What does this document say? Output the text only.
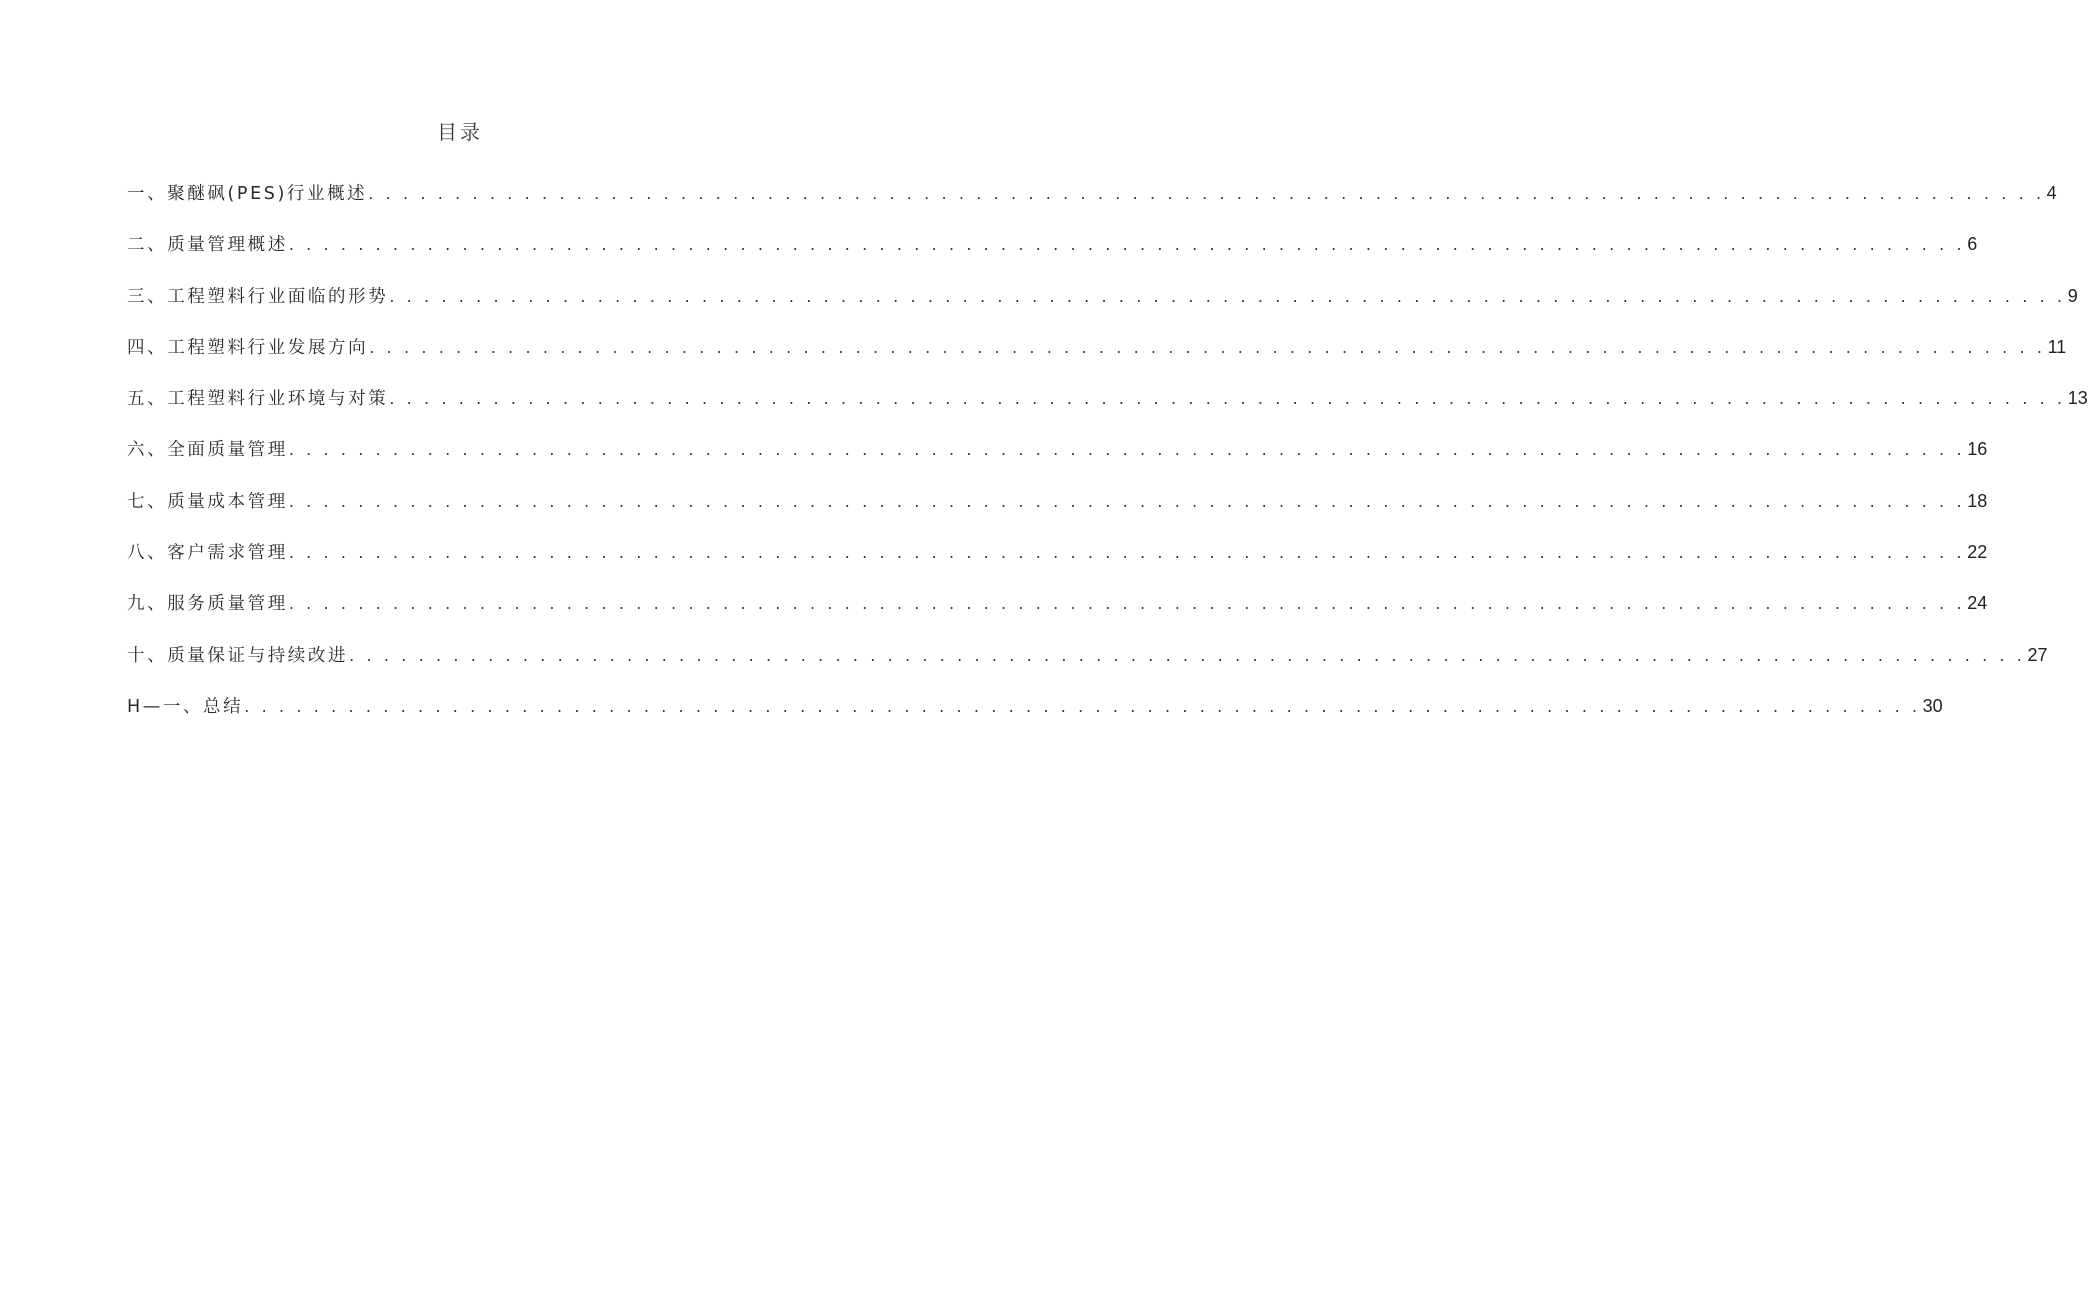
目录
一、聚醚砜(PES)行业概述 . . . . . . . . . . . . . . . . . . . . . . . . . . . . . . . . . . . . . . . . . . . . . . . . . . . . . . . . . . . . . . . . . . . . . . . . . . . . . . . . . . . . . . . . . . . . . . . . . 4
二、质量管理概述 . . . . . . . . . . . . . . . . . . . . . . . . . . . . . . . . . . . . . . . . . . . . . . . . . . . . . . . . . . . . . . . . . . . . . . . . . . . . . . . . . . . . . . . . . . . . . . . . . 6
三、工程塑料行业面临的形势 . . . . . . . . . . . . . . . . . . . . . . . . . . . . . . . . . . . . . . . . . . . . . . . . . . . . . . . . . . . . . . . . . . . . . . . . . . . . . . . . . . . . . . . . . . . . . . . . . 9
四、工程塑料行业发展方向 . . . . . . . . . . . . . . . . . . . . . . . . . . . . . . . . . . . . . . . . . . . . . . . . . . . . . . . . . . . . . . . . . . . . . . . . . . . . . . . . . . . . . . . . . . . . . . . . . 11
五、工程塑料行业环境与对策 . . . . . . . . . . . . . . . . . . . . . . . . . . . . . . . . . . . . . . . . . . . . . . . . . . . . . . . . . . . . . . . . . . . . . . . . . . . . . . . . . . . . . . . . . . . . . . . . . 13
六、全面质量管理 . . . . . . . . . . . . . . . . . . . . . . . . . . . . . . . . . . . . . . . . . . . . . . . . . . . . . . . . . . . . . . . . . . . . . . . . . . . . . . . . . . . . . . . . . . . . . . . . . 16
七、质量成本管理 . . . . . . . . . . . . . . . . . . . . . . . . . . . . . . . . . . . . . . . . . . . . . . . . . . . . . . . . . . . . . . . . . . . . . . . . . . . . . . . . . . . . . . . . . . . . . . . . . 18
八、客户需求管理 . . . . . . . . . . . . . . . . . . . . . . . . . . . . . . . . . . . . . . . . . . . . . . . . . . . . . . . . . . . . . . . . . . . . . . . . . . . . . . . . . . . . . . . . . . . . . . . . . 22
九、服务质量管理 . . . . . . . . . . . . . . . . . . . . . . . . . . . . . . . . . . . . . . . . . . . . . . . . . . . . . . . . . . . . . . . . . . . . . . . . . . . . . . . . . . . . . . . . . . . . . . . . . 24
十、质量保证与持续改进 . . . . . . . . . . . . . . . . . . . . . . . . . . . . . . . . . . . . . . . . . . . . . . . . . . . . . . . . . . . . . . . . . . . . . . . . . . . . . . . . . . . . . . . . . . . . . . . . . 27
H—一、总结 . . . . . . . . . . . . . . . . . . . . . . . . . . . . . . . . . . . . . . . . . . . . . . . . . . . . . . . . . . . . . . . . . . . . . . . . . . . . . . . . . . . . . . . . . . . . . . . . . 30
